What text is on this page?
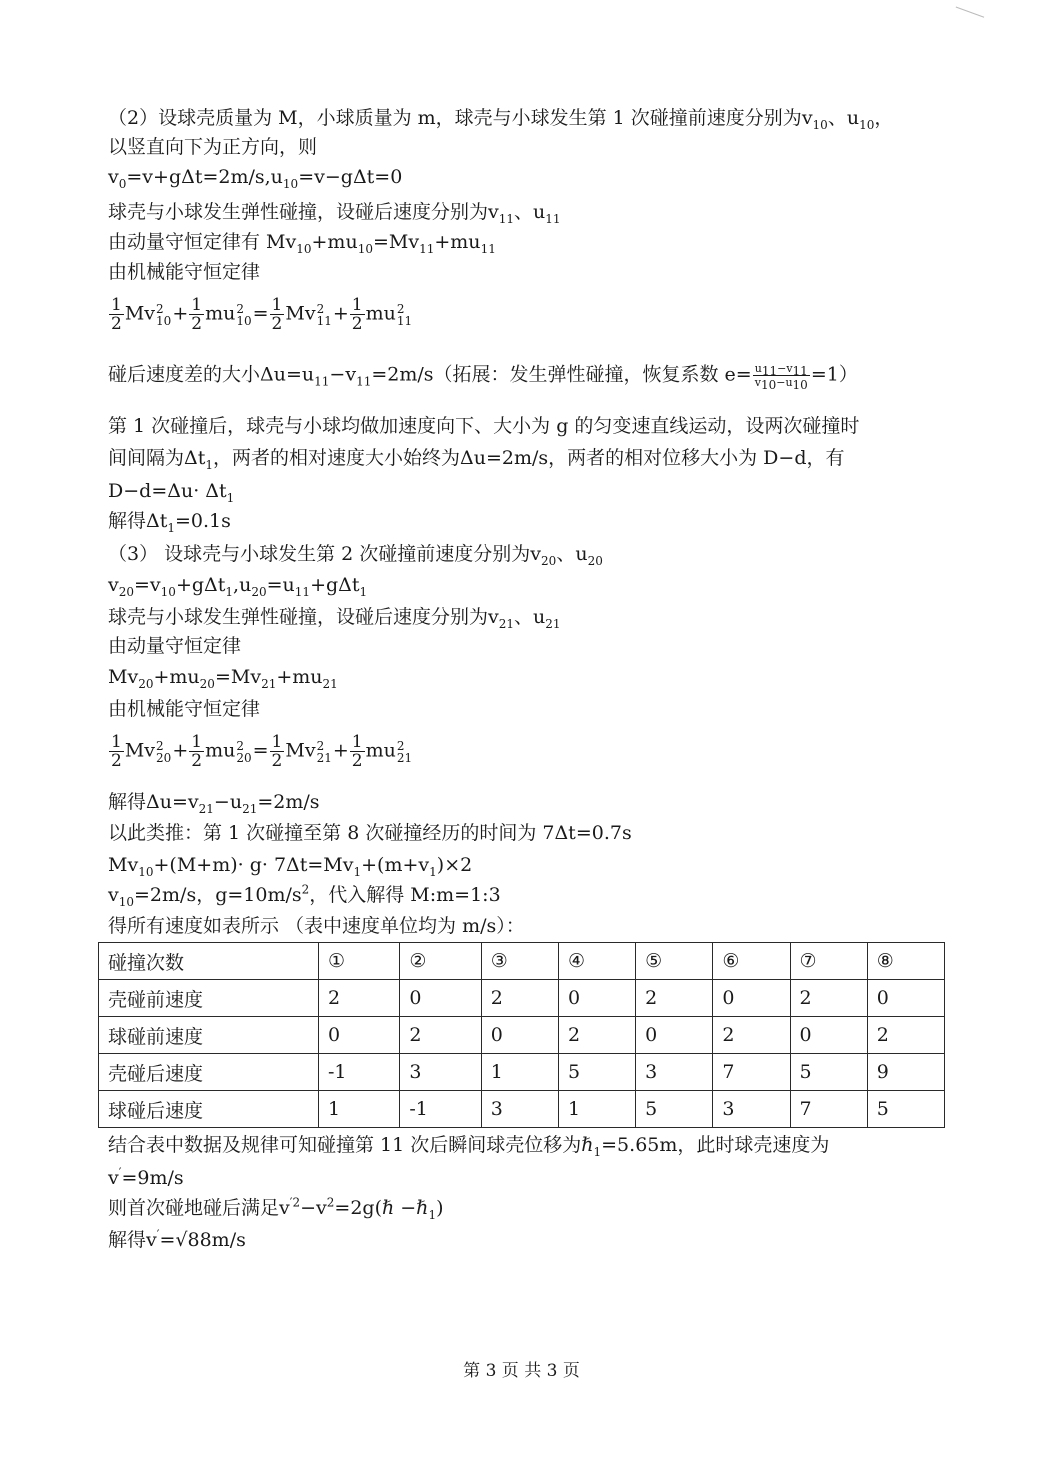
（2）设球壳质量为 M，小球质量为 m，球壳与小球发生第 1 次碰撞前速度分别为$v_{10}$、$u_{10}$，
以竖直向下为正方向，则
$v_0=v+g\Delta t=2m/s,u_{10}=v-g\Delta t=0$
球壳与小球发生弹性碰撞，设碰后速度分别为$v_{11}$、$u_{11}$
由动量守恒定律有 $Mv_{10}+mu_{10}=Mv_{11}+mu_{11}$
由机械能守恒定律
$\frac{1}{2}$ Mv 2
$10 + \frac{1}{2}$ mu 2
$10 = \frac{1}{2}$ Mv 2
$11 + \frac{1}{2}$ mu 2
11
碰后速度差的大小$\Delta u=u_{11}-v_{11}=2m/s$（拓展：发生弹性碰撞，恢复系数 $e= \frac{u_{11}-v_{11}}{v_{10}-u_{10}} =1$）
第 1 次碰撞后，球壳与小球均做加速度向下、大小为 g 的匀变速直线运动，设两次碰撞时
间间隔为$\Delta t_1$，两者的相对速度大小始终为Δu=2m/s，两者的相对位移大小为 D−d，有
$D-d=\Delta u\cdot \Delta t_1$
解得$\Delta t_1=0.1s$
（3） 设球壳与小球发生第 2 次碰撞前速度分别为$v_{20}$、$u_{20}$
$v_{20}=v_{10}+g\Delta t_1,u_{20}=u_{11}+g\Delta t_1$
球壳与小球发生弹性碰撞，设碰后速度分别为$v_{21}$、$u_{21}$
由动量守恒定律
$Mv_{20}+mu_{20}=Mv_{21}+mu_{21}$
由机械能守恒定律
$\frac{1}{2}$ Mv 2
$20 + \frac{1}{2}$ mu 2
$20 = \frac{1}{2}$ Mv 2
$21 + \frac{1}{2}$ mu 2
21
解得$\Delta u=v_{21}-u_{21}=2m/s$
以此类推：第 1 次碰撞至第 8 次碰撞经历的时间为 7Δt=0.7s
$Mv_{10}+(M+m)\cdot g\cdot 7\Delta t=Mv_1+(m+v_1)\times 2$
$v_{10}=2m/s$，$g=10m/s^2$，代入解得 M:m=1:3
得所有速度如表所示 （表中速度单位均为 m/s）：
碰撞次数	①	②	③	④	⑤	⑥	⑦	⑧
壳碰前速度	2	0	2	0	2	0	2	0
球碰前速度	0	2	0	2	0	2	0	2
壳碰后速度	-1	3	1	5	3	7	5	9
球碰后速度	1	-1	3	1	5	3	7	5
结合表中数据及规律可知碰撞第 11 次后瞬间球壳位移为ℏ$_1$=5.65m，此时球壳速度为
v′=9m/s
则首次碰地碰后满足$v^{'2}-v^2=2g(\hbar$ −ℏ$_1$)
解得v′=√88m/s
第 3 页 共 3 页
